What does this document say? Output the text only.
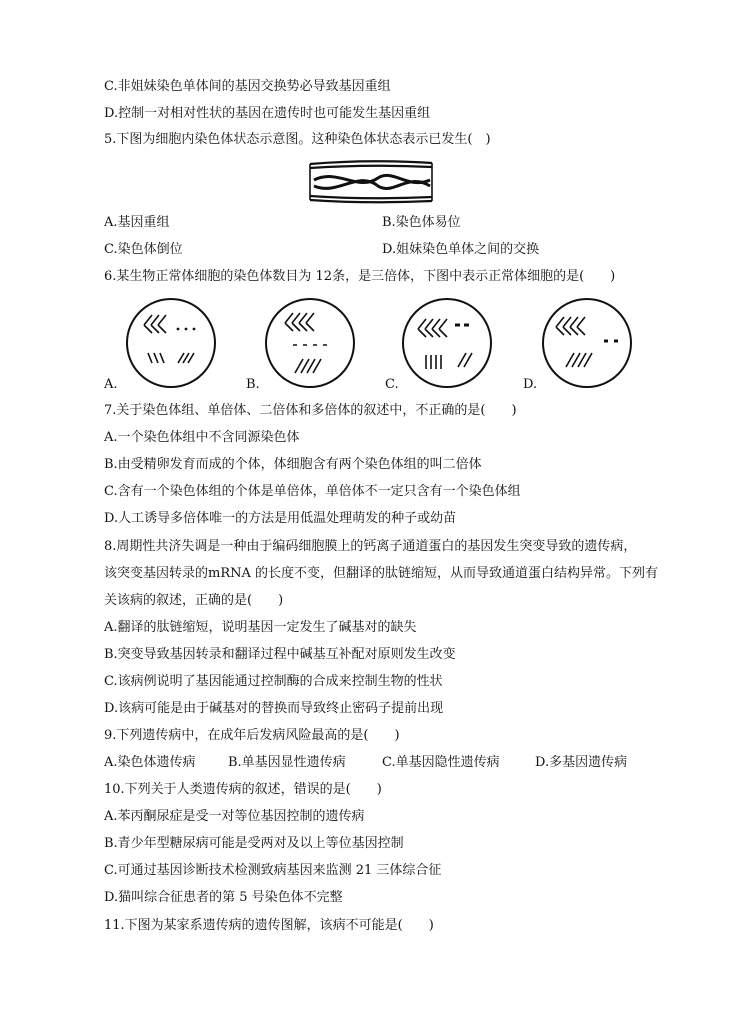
C.非姐妹染色单体间的基因交换势必导致基因重组
D.控制一对相对性状的基因在遗传时也可能发生基因重组
5.下图为细胞内染色体状态示意图。这种染色体状态表示已发生(　)
A.基因重组	B.染色体易位
C.染色体倒位	D.姐妹染色单体之间的交换
6.某生物正常体细胞的染色体数目为 12条，是三倍体，下图中表示正常体细胞的是(　　)
A.	B.	C.	D.
7.关于染色体组、单倍体、二倍体和多倍体的叙述中，不正确的是(　　)
A.一个染色体组中不含同源染色体
B.由受精卵发育而成的个体，体细胞含有两个染色体组的叫二倍体
C.含有一个染色体组的个体是单倍体，单倍体不一定只含有一个染色体组
D.人工诱导多倍体唯一的方法是用低温处理萌发的种子或幼苗
8.周期性共济失调是一种由于编码细胞膜上的钙离子通道蛋白的基因发生突变导致的遗传病，
该突变基因转录的mRNA 的长度不变，但翻译的肽链缩短，从而导致通道蛋白结构异常。下列有
关该病的叙述，正确的是(　　)
A.翻译的肽链缩短，说明基因一定发生了碱基对的缺失
B.突变导致基因转录和翻译过程中碱基互补配对原则发生改变
C.该病例说明了基因能通过控制酶的合成来控制生物的性状
D.该病可能是由于碱基对的替换而导致终止密码子提前出现
9.下列遗传病中，在成年后发病风险最高的是(　　)
A.染色体遗传病 B.单基因显性遗传病	C.单基因隐性遗传病	D.多基因遗传病
10.下列关于人类遗传病的叙述，错误的是(　　)
A.苯丙酮尿症是受一对等位基因控制的遗传病
B.青少年型糖尿病可能是受两对及以上等位基因控制
C.可通过基因诊断技术检测致病基因来监测 21 三体综合征
D.猫叫综合征患者的第 5 号染色体不完整
11.下图为某家系遗传病的遗传图解，该病不可能是(　　)
